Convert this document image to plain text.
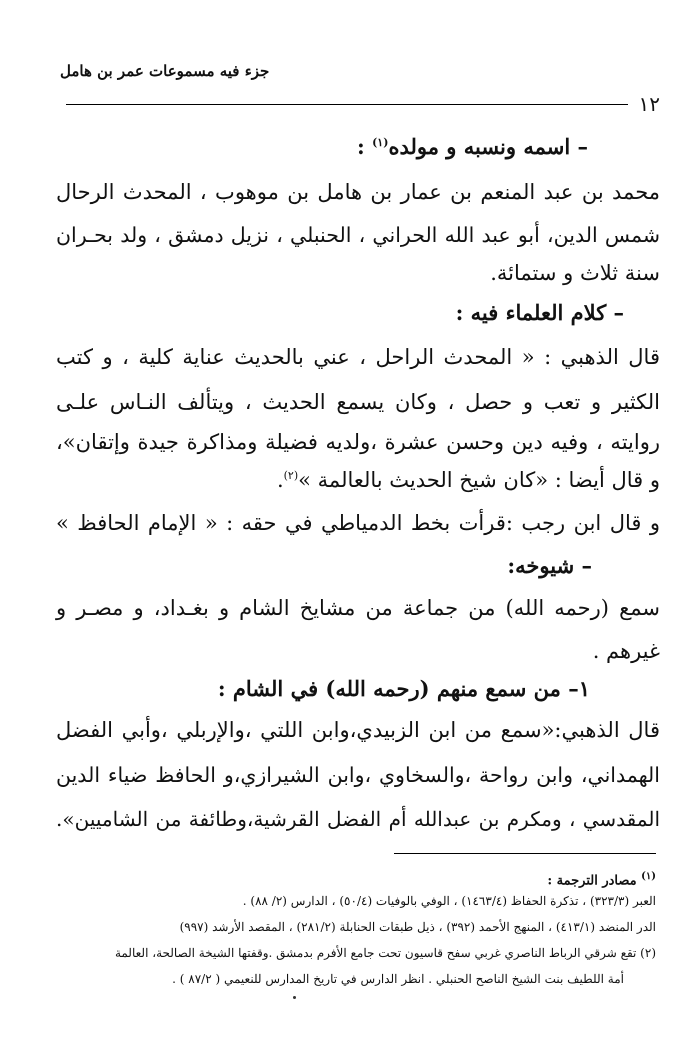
جزء فيه مسموعات عمر بن هامل
١٢
– اسمه ونسبه و مولده$^{(١)}$ :
محمد بن عبد المنعم بن عمار بن هامل بن موهوب ، المحدث الرحال
شمس الدين، أبو عبد الله الحراني ، الحنبلي ، نزيل دمشق ، ولد بحـران
سنة ثلاث و ستمائة.
– كلام العلماء فيه :
قال الذهبي : « المحدث الراحل ، عني بالحديث عناية كلية ، و كتب
الكثير و تعب و حصل ، وكان يسمع الحديث ، ويتألف النـاس علـى
روايته ، وفيه دين وحسن عشرة ،ولديه فضيلة ومذاكرة جيدة وإتقان»،
و قال أيضا : «كان شيخ الحديث بالعالمة »$^{(٢)}$.
و قال ابن رجب :قرأت بخط الدمياطي في حقه : « الإمام الحافظ »
– شيوخه:
سمع (رحمه الله) من جماعة من مشايخ الشام و بغـداد، و مصـر و
غيرهم .
١– من سمع منهم (رحمه الله) في الشام :
قال الذهبي:«سمع من ابن الزبيدي،وابن اللتي ،والإربلي ،وأبي الفضل
الهمداني، وابن رواحة ،والسخاوي ،وابن الشيرازي،و الحافظ ضياء الدين
المقدسي ، ومكرم بن عبدالله أم الفضل القرشية،وطائفة من الشاميين».
$^{(١)}$ مصادر الترجمة :
العبر (٣٢٣/٣) ، تذكرة الحفاظ (١٤٦٣/٤) ، الوفي بالوفيات (٥٠/٤) ، الدارس (٢/ ٨٨) .
الدر المنضد (٤١٣/١) ، المنهج الأحمد (٣٩٢) ، ذيل طبقات الحنابلة (٢٨١/٢) ، المقصد الأرشد (٩٩٧)
(٢) تقع شرقي الرباط الناصري غربي سفح قاسيون تحت جامع الأفرم بدمشق .وقفتها الشيخة الصالحة، العالمة
أمة اللطيف بنت الشيخ الناصح الحنبلي . انظر الدارس في تاريخ المدارس للنعيمي ( ٨٧/٢ ) .
